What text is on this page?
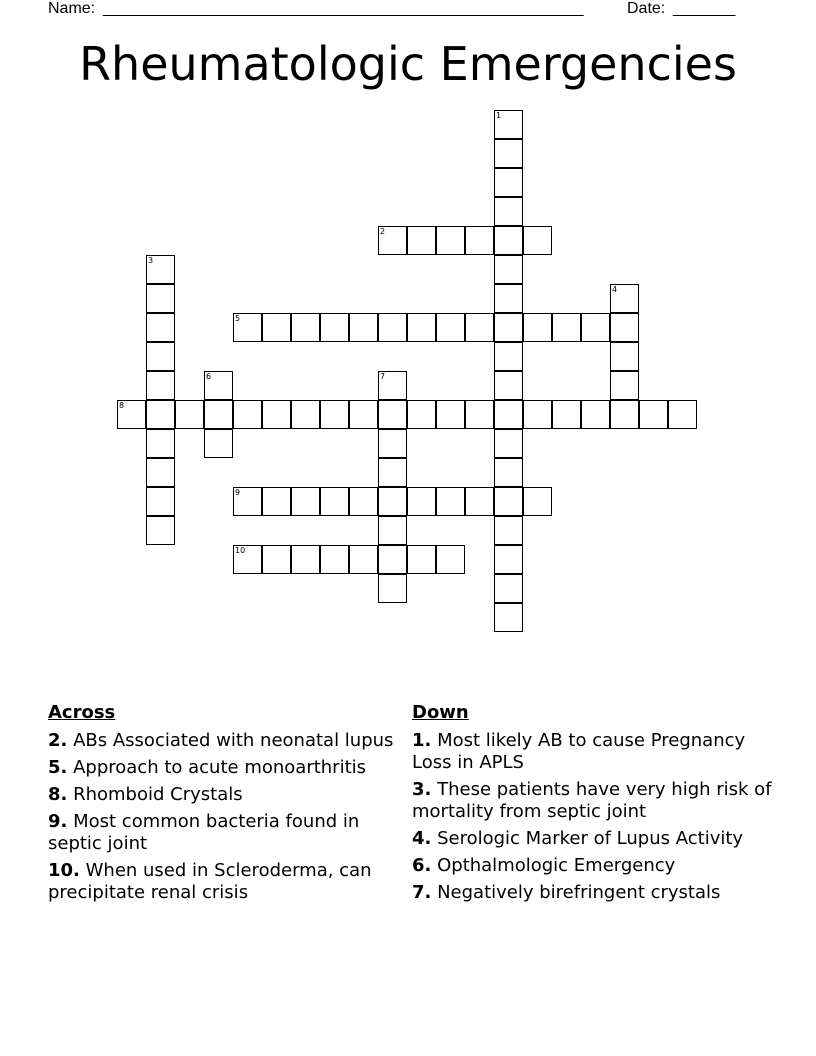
Name: ______________________________________________________	Date: _______
Rheumatologic Emergencies
1
2
3
4
5
6	7
8
9
10
Across
2. ABs Associated with neonatal lupus
5. Approach to acute monoarthritis
8. Rhomboid Crystals
9. Most common bacteria found in septic joint
10. When used in Scleroderma, can precipitate renal crisis
Down
1. Most likely AB to cause Pregnancy Loss in APLS
3. These patients have very high risk of mortality from septic joint
4. Serologic Marker of Lupus Activity
6. Opthalmologic Emergency
7. Negatively birefringent crystals
